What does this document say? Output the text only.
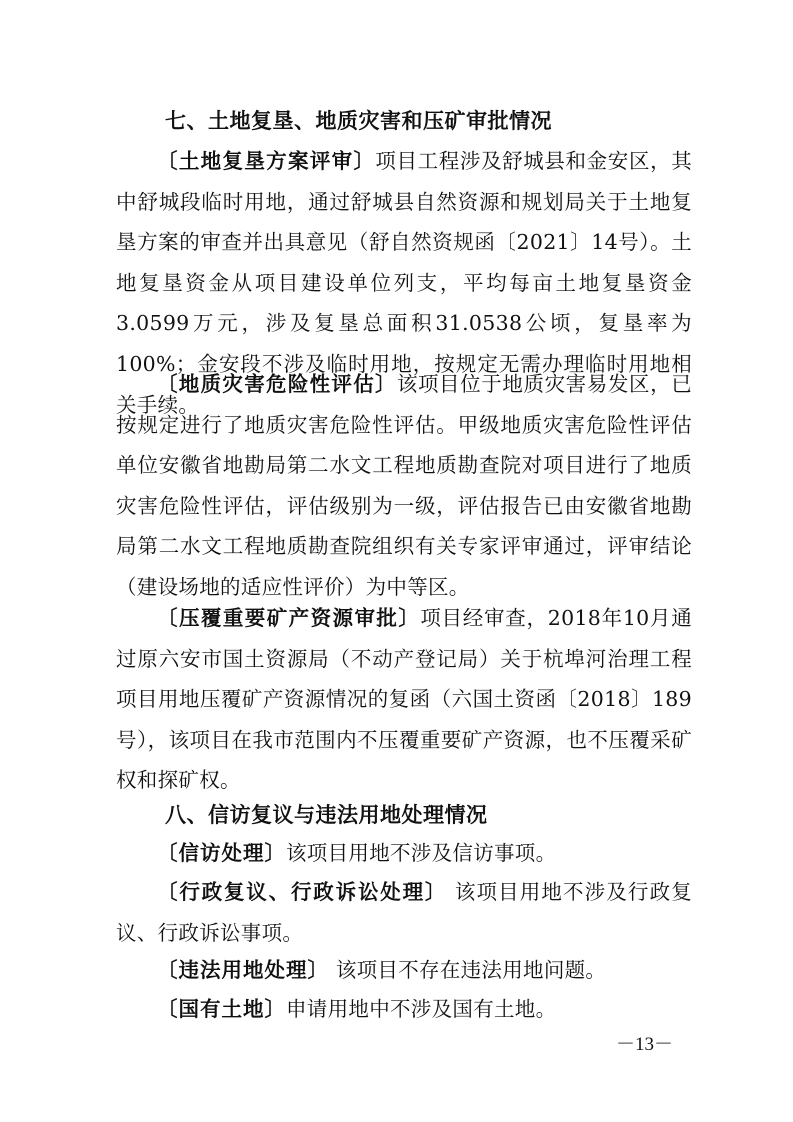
七、土地复垦、地质灾害和压矿审批情况

〔土地复垦方案评审〕项目工程涉及舒城县和金安区，其中舒城段临时用地，通过舒城县自然资源和规划局关于土地复垦方案的审查并出具意见（舒自然资规函〔2021〕14号）。土地复垦资金从项目建设单位列支，平均每亩土地复垦资金3.0599万元，涉及复垦总面积31.0538公顷，复垦率为100%；金安段不涉及临时用地，按规定无需办理临时用地相关手续。

〔地质灾害危险性评估〕该项目位于地质灾害易发区，已按规定进行了地质灾害危险性评估。甲级地质灾害危险性评估单位安徽省地勘局第二水文工程地质勘查院对项目进行了地质灾害危险性评估，评估级别为一级，评估报告已由安徽省地勘局第二水文工程地质勘查院组织有关专家评审通过，评审结论（建设场地的适应性评价）为中等区。

〔压覆重要矿产资源审批〕项目经审查，2018年10月通过原六安市国土资源局（不动产登记局）关于杭埠河治理工程项目用地压覆矿产资源情况的复函（六国土资函〔2018〕189号），该项目在我市范围内不压覆重要矿产资源，也不压覆采矿权和探矿权。

八、信访复议与违法用地处理情况

〔信访处理〕该项目用地不涉及信访事项。

〔行政复议、行政诉讼处理〕 该项目用地不涉及行政复议、行政诉讼事项。

〔违法用地处理〕 该项目不存在违法用地问题。

〔国有土地〕申请用地中不涉及国有土地。

－13－
